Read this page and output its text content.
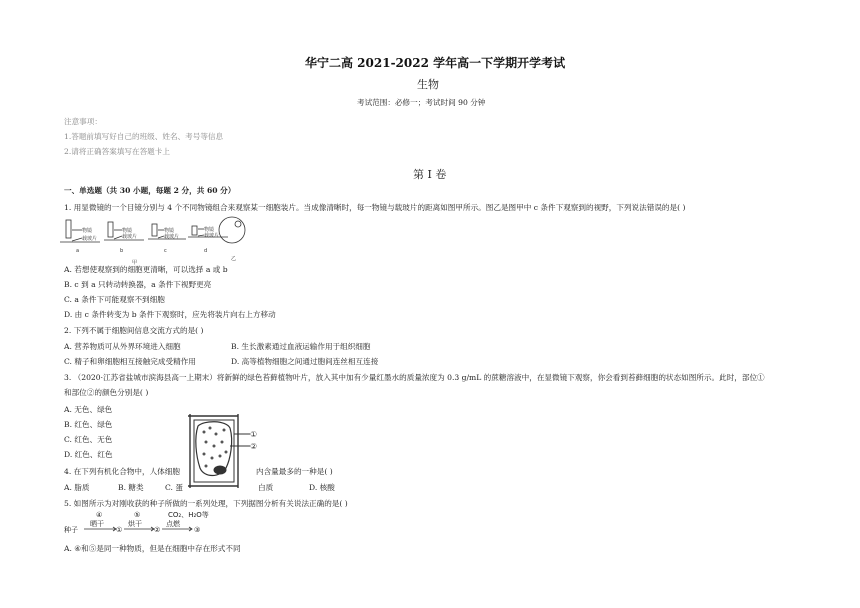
华宁二高 2021-2022 学年高一下学期开学考试
生物
考试范围：必修一；考试时间 90 分钟
注意事项：
1.答题前填写好自己的班级、姓名、考号等信息
2.请将正确答案填写在答题卡上
第 I 卷
一、单选题（共 30 小题，每题 2 分，共 60 分）
1. 用显微镜的一个目镜分别与 4 个不同物镜组合来观察某一细胞装片。当成像清晰时，每一物镜与载玻片的距离如图甲所示。图乙是图甲中 c 条件下观察到的视野，下列说法错误的是( )
物镜
载玻片
物镜
载玻片
物镜
载玻片
物镜
载玻片
a	b	c	d
甲
乙
A. 若想使观察到的细胞更清晰，可以选择 a 或 b
B. c 到 a 只转动转换器，a 条件下视野更亮
C. a 条件下可能观察不到细胞
D. 由 c 条件转变为 b 条件下观察时，应先将装片向右上方移动
2. 下列不属于细胞间信息交流方式的是( )
A. 营养物质可从外界环境进入细胞	B. 生长激素通过血液运输作用于组织细胞
C. 精子和卵细胞相互接触完成受精作用	D. 高等植物细胞之间通过胞间连丝相互连接
3. （2020·江苏省盐城市滨海县高一上期末）将新鲜的绿色苔藓植物叶片，放入其中加有少量红墨水的质量浓度为 0.3 g/mL 的蔗糖溶液中，在显微镜下观察，你会看到苔藓细胞的状态如图所示。此时，部位①
和部位②的颜色分别是( )
A. 无色、绿色
B. 红色、绿色
C. 红色、无色
D. 红色、红色
①
②
4. 在下列有机化合物中，人体细胞	内含量最多的一种是( )
A. 脂质	B. 糖类	C. 蛋	白质	D. 核酸
5. 如图所示为对刚收获的种子所做的一系列处理，下列据图分析有关说法正确的是( )
种子
晒干
④
①
烘干
⑤
②
点燃
CO₂、H₂O等
③
A. ④和⑤是同一种物质，但是在细胞中存在形式不同
